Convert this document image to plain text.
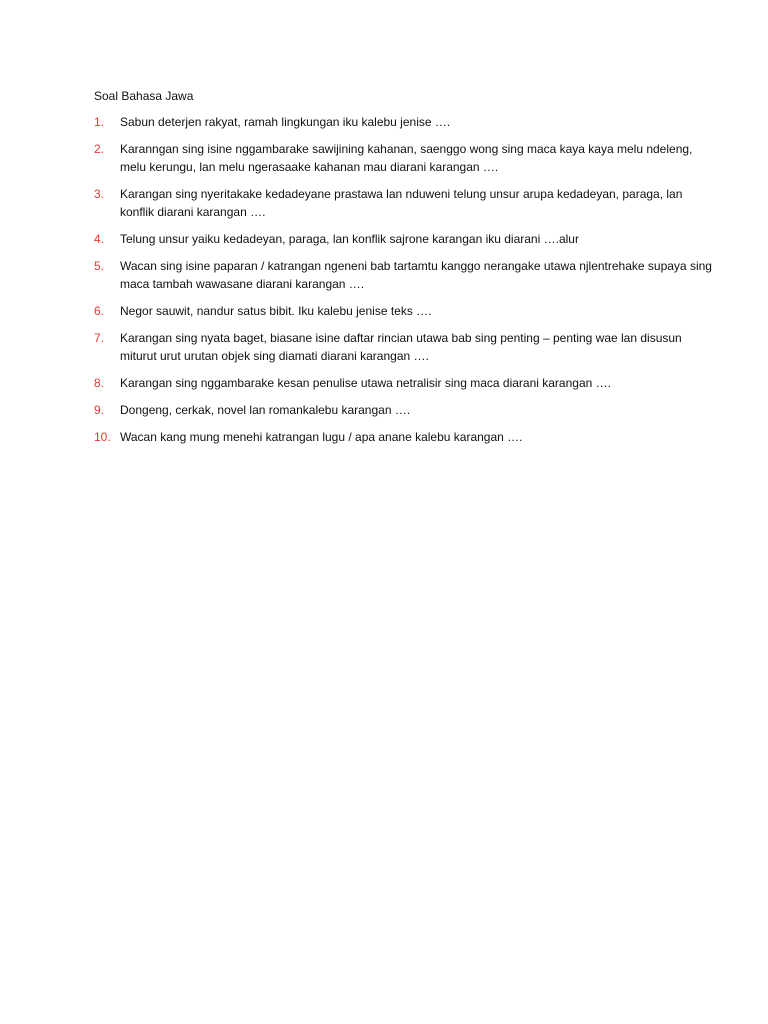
Soal Bahasa Jawa
1.	Sabun deterjen rakyat, ramah lingkungan iku kalebu jenise ….
2.	Karanngan sing isine nggambarake sawijining kahanan, saenggo wong sing maca kaya kaya melu ndeleng, melu kerungu, lan melu ngerasaake kahanan mau diarani karangan ….
3.	Karangan sing nyeritakake kedadeyane prastawa lan nduweni telung unsur arupa kedadeyan, paraga, lan konflik diarani karangan ….
4.	Telung unsur yaiku kedadeyan, paraga, lan konflik sajrone karangan iku diarani ….alur
5.	Wacan sing isine paparan / katrangan ngeneni bab tartamtu kanggo nerangake utawa njlentrehake supaya sing maca tambah wawasane diarani karangan ….
6.	Negor sauwit, nandur satus bibit. Iku kalebu jenise teks ….
7.	Karangan sing nyata baget, biasane isine daftar rincian utawa bab sing penting – penting wae lan disusun miturut urut urutan objek sing diamati diarani karangan ….
8.	Karangan sing nggambarake kesan penulise utawa netralisir sing maca diarani karangan ….
9.	Dongeng, cerkak, novel lan romankalebu karangan ….
10. Wacan kang mung menehi katrangan lugu / apa anane kalebu karangan ….
